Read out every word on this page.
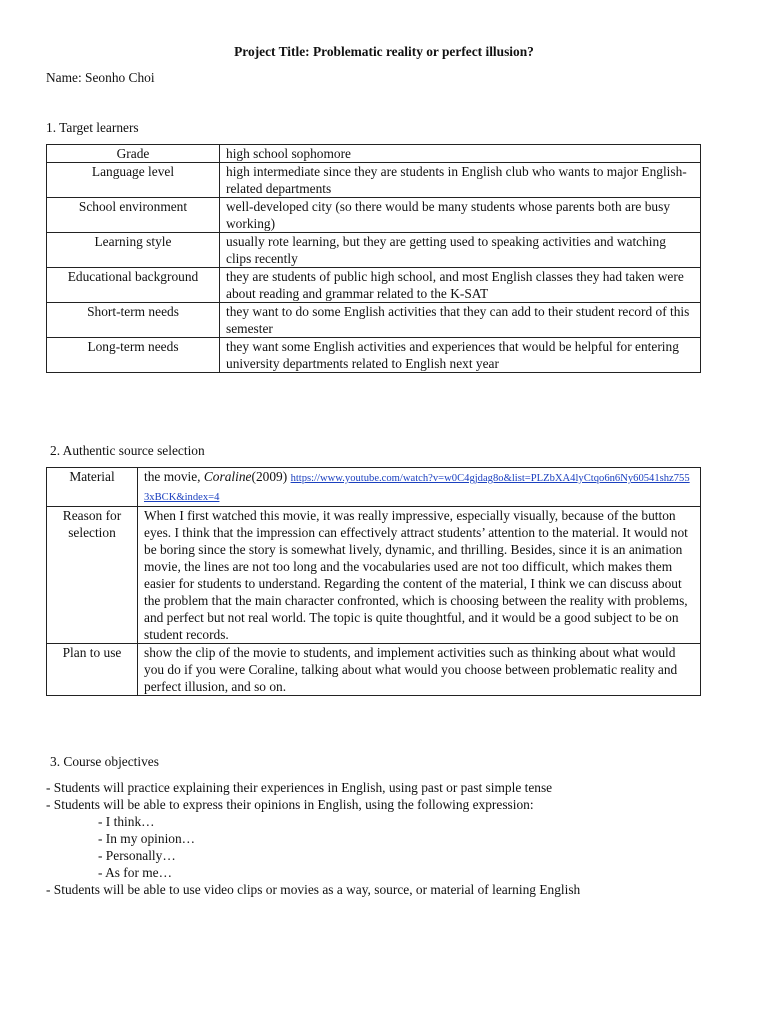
Project Title: Problematic reality or perfect illusion?
Name: Seonho Choi
1. Target learners
Grade	high school sophomore
Language level	high intermediate since they are students in English club who wants to major English-related departments
School environment	well-developed city (so there would be many students whose parents both are busy working)
Learning style	usually rote learning, but they are getting used to speaking activities and watching clips recently
Educational background	they are students of public high school, and most English classes they had taken were about reading and grammar related to the K-SAT
Short-term needs	they want to do some English activities that they can add to their student record of this semester
Long-term needs	they want some English activities and experiences that would be helpful for entering university departments related to English next year
2. Authentic source selection
Material	the movie, Coraline(2009) https://www.youtube.com/watch?v=w0C4gjdag8o&list=PLZbXA4lyCtqo6n6Ny60541shz7553xBCK&index=4
Reason for selection	When I first watched this movie, it was really impressive, especially visually, because of the button eyes. I think that the impression can effectively attract students’ attention to the material. It would not be boring since the story is somewhat lively, dynamic, and thrilling. Besides, since it is an animation movie, the lines are not too long and the vocabularies used are not too difficult, which makes them easier for students to understand. Regarding the content of the material, I think we can discuss about the problem that the main character confronted, which is choosing between the reality with problems, and perfect but not real world. The topic is quite thoughtful, and it would be a good subject to be on student records.
Plan to use	show the clip of the movie to students, and implement activities such as thinking about what would you do if you were Coraline, talking about what would you choose between problematic reality and perfect illusion, and so on.
3. Course objectives
- Students will practice explaining their experiences in English, using past or past simple tense
- Students will be able to express their opinions in English, using the following expression:
- I think…
- In my opinion…
- Personally…
- As for me…
- Students will be able to use video clips or movies as a way, source, or material of learning English
